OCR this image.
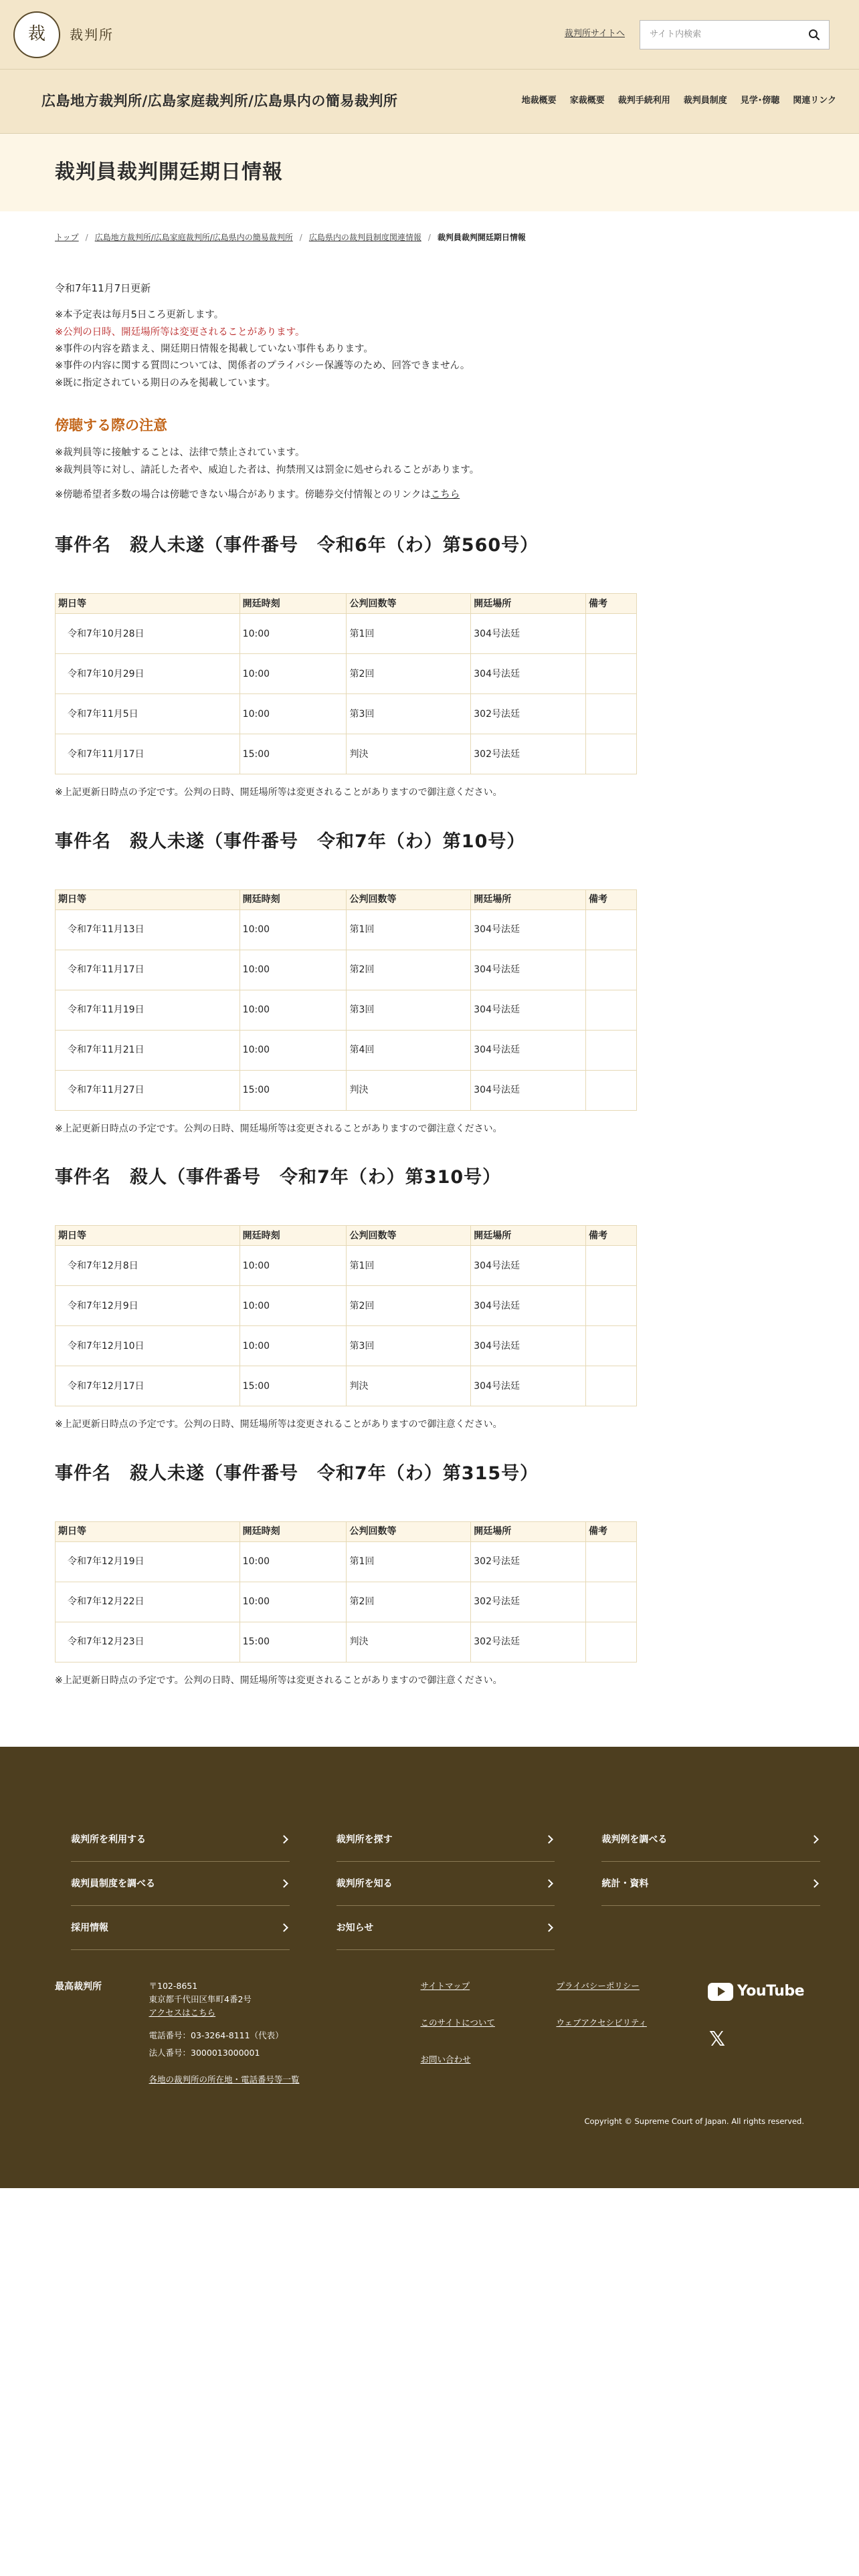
裁	裁判所	裁判所サイトへ
サイト内検索
広島地方裁判所/広島家庭裁判所/広島県内の簡易裁判所	地裁概要 家裁概要 裁判手続利用 裁判員制度 見学･傍聴 関連リンク
裁判員裁判開廷期日情報
トップ / 広島地方裁判所/広島家庭裁判所/広島県内の簡易裁判所 / 広島県内の裁判員制度関連情報 / 裁判員裁判開廷期日情報

令和7年11月7日更新

※本予定表は毎月5日ころ更新します。

※公判の日時、開廷場所等は変更されることがあります。

※事件の内容を踏まえ、開廷期日情報を掲載していない事件もあります。

※事件の内容に関する質問については、関係者のプライバシー保護等のため、回答できません。

※既に指定されている期日のみを掲載しています。

傍聴する際の注意

※裁判員等に接触することは、法律で禁止されています。

※裁判員等に対し、請託した者や、威迫した者は、拘禁刑又は罰金に処せられることがあります。

※傍聴希望者多数の場合は傍聴できない場合があります。傍聴券交付情報とのリンクはこちら

事件名　殺人未遂（事件番号　令和6年（わ）第560号）
期日等	開廷時刻	公判回数等	開廷場所	備考
令和7年10月28日	10:00	第1回	304号法廷	
令和7年10月29日	10:00	第2回	304号法廷	
令和7年11月5日	10:00	第3回	302号法廷	
令和7年11月17日	15:00	判決	302号法廷	

※上記更新日時点の予定です。公判の日時、開廷場所等は変更されることがありますので御注意ください。

事件名　殺人未遂（事件番号　令和7年（わ）第10号）
期日等	開廷時刻	公判回数等	開廷場所	備考
令和7年11月13日	10:00	第1回	304号法廷	
令和7年11月17日	10:00	第2回	304号法廷	
令和7年11月19日	10:00	第3回	304号法廷	
令和7年11月21日	10:00	第4回	304号法廷	
令和7年11月27日	15:00	判決	304号法廷	

※上記更新日時点の予定です。公判の日時、開廷場所等は変更されることがありますので御注意ください。

事件名　殺人（事件番号　令和7年（わ）第310号）
期日等	開廷時刻	公判回数等	開廷場所	備考
令和7年12月8日	10:00	第1回	304号法廷	
令和7年12月9日	10:00	第2回	304号法廷	
令和7年12月10日	10:00	第3回	304号法廷	
令和7年12月17日	15:00	判決	304号法廷	

※上記更新日時点の予定です。公判の日時、開廷場所等は変更されることがありますので御注意ください。

事件名　殺人未遂（事件番号　令和7年（わ）第315号）
期日等	開廷時刻	公判回数等	開廷場所	備考
令和7年12月19日	10:00	第1回	302号法廷	
令和7年12月22日	10:00	第2回	302号法廷	
令和7年12月23日	15:00	判決	302号法廷	

※上記更新日時点の予定です。公判の日時、開廷場所等は変更されることがありますので御注意ください。

裁判所を利用する	裁判所を探す	裁判例を調べる
裁判員制度を調べる	裁判所を知る	統計・資料
採用情報	お知らせ
最高裁判所	〒102-8651
東京都千代田区隼町4番2号
アクセスはこちら
電話番号：03-3264-8111（代表）
法人番号：3000013000001
各地の裁判所の所在地・電話番号等一覧
サイトマップ
このサイトについて
お問い合わせ
プライバシーポリシー
ウェブアクセシビリティ
YouTube
𝕏
Copyright © Supreme Court of Japan. All rights reserved.
